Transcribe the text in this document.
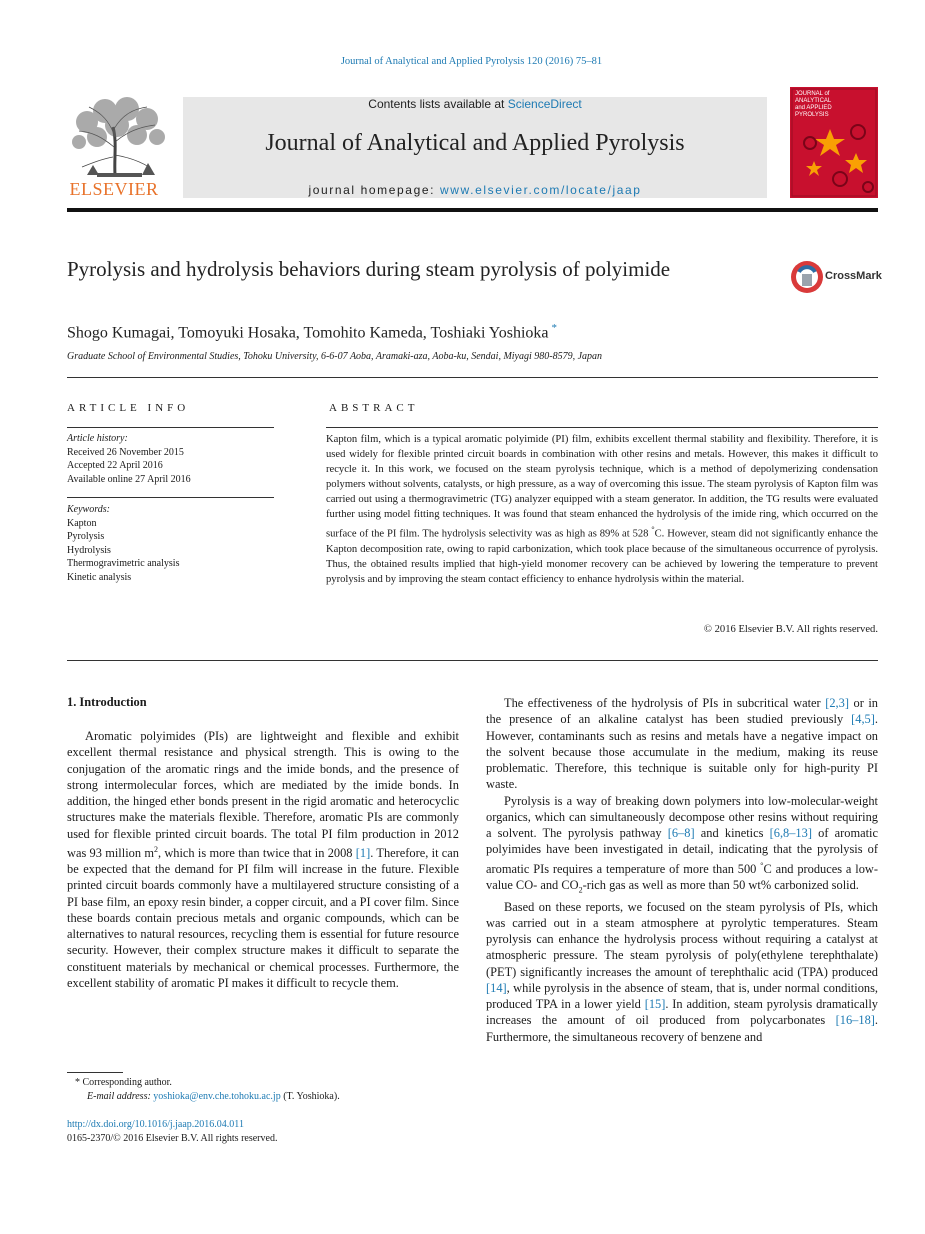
Journal of Analytical and Applied Pyrolysis 120 (2016) 75–81
ELSEVIER
Contents lists available at ScienceDirect
Journal of Analytical and Applied Pyrolysis
journal homepage: www.elsevier.com/locate/jaap
JOURNAL of ANALYTICAL and APPLIED PYROLYSIS
Pyrolysis and hydrolysis behaviors during steam pyrolysis of polyimide	CrossMark
Shogo Kumagai, Tomoyuki Hosaka, Tomohito Kameda, Toshiaki Yoshioka *
Graduate School of Environmental Studies, Tohoku University, 6-6-07 Aoba, Aramaki-aza, Aoba-ku, Sendai, Miyagi 980-8579, Japan
ARTICLE INFO
Article history:
Received 26 November 2015
Accepted 22 April 2016
Available online 27 April 2016
Keywords:
Kapton
Pyrolysis
Hydrolysis
Thermogravimetric analysis
Kinetic analysis
ABSTRACT
Kapton film, which is a typical aromatic polyimide (PI) film, exhibits excellent thermal stability and flexibility. Therefore, it is used widely for flexible printed circuit boards in combination with other resins and metals. However, this makes it difficult to recycle it. In this work, we focused on the steam pyrolysis technique, which is a method of depolymerizing condensation polymers without solvents, catalysts, or high pressure, as a way of overcoming this issue. The steam pyrolysis of Kapton film was carried out using a thermogravimetric (TG) analyzer equipped with a steam generator. In addition, the TG results were evaluated further using model fitting techniques. It was found that steam enhanced the hydrolysis of the imide ring, which occurred on the surface of the PI film. The hydrolysis selectivity was as high as 89% at 528 °C. However, steam did not significantly enhance the Kapton decomposition rate, owing to rapid carbonization, which took place because of the simultaneous occurrence of pyrolysis. Thus, the obtained results implied that high-yield monomer recovery can be achieved by lowering the temperature to prevent pyrolysis and by improving the steam contact efficiency to enhance hydrolysis within the material.
© 2016 Elsevier B.V. All rights reserved.
1. Introduction

Aromatic polyimides (PIs) are lightweight and flexible and exhibit excellent thermal resistance and physical strength. This is owing to the conjugation of the aromatic rings and the imide bonds, and the presence of strong intermolecular forces, which are mediated by the imide bonds. In addition, the hinged ether bonds present in the rigid aromatic and heterocyclic structures make the materials flexible. Therefore, aromatic PIs are commonly used for flexible printed circuit boards. The total PI film production in 2012 was 93 million $m^2$, which is more than twice that in 2008 [1]. Therefore, it can be expected that the demand for PI film will increase in the future. Flexible printed circuit boards commonly have a multilayered structure consisting of a PI base film, an epoxy resin binder, a copper circuit, and a PI cover film. Since these boards contain precious metals and organic compounds, which can be alternatives to natural resources, recycling them is essential for future resource security. However, their complex structure makes it difficult to separate the constituent materials by mechanical or chemical processes. Furthermore, the excellent stability of aromatic PI makes it difficult to recycle them.

The effectiveness of the hydrolysis of PIs in subcritical water [2,3] or in the presence of an alkaline catalyst has been studied previously [4,5]. However, contaminants such as resins and metals have a negative impact on the solvent because those accumulate in the medium, making its reuse problematic. Therefore, this technique is suitable only for high-purity PI waste.

Pyrolysis is a way of breaking down polymers into low-molecular-weight organics, which can simultaneously decompose other resins without requiring a solvent. The pyrolysis pathway [6–8] and kinetics [6,8–13] of aromatic polyimides have been investigated in detail, indicating that the pyrolysis of aromatic PIs requires a temperature of more than 500 °C and produces a low-value CO- and $CO_2$-rich gas as well as more than 50 wt% carbonized solid.

Based on these reports, we focused on the steam pyrolysis of PIs, which was carried out in a steam atmosphere at pyrolytic temperatures. Steam pyrolysis can enhance the hydrolysis process without requiring a catalyst at atmospheric pressure. The steam pyrolysis of poly(ethylene terephthalate) (PET) significantly increases the amount of terephthalic acid (TPA) produced [14], while pyrolysis in the absence of steam, that is, under normal conditions, produced TPA in a lower yield [15]. In addition, steam pyrolysis dramatically increases the amount of oil produced from polycarbonates [16–18]. Furthermore, the simultaneous recovery of benzene and

* Corresponding author.
E-mail address: yoshioka@env.che.tohoku.ac.jp (T. Yoshioka).
http://dx.doi.org/10.1016/j.jaap.2016.04.011
0165-2370/© 2016 Elsevier B.V. All rights reserved.
